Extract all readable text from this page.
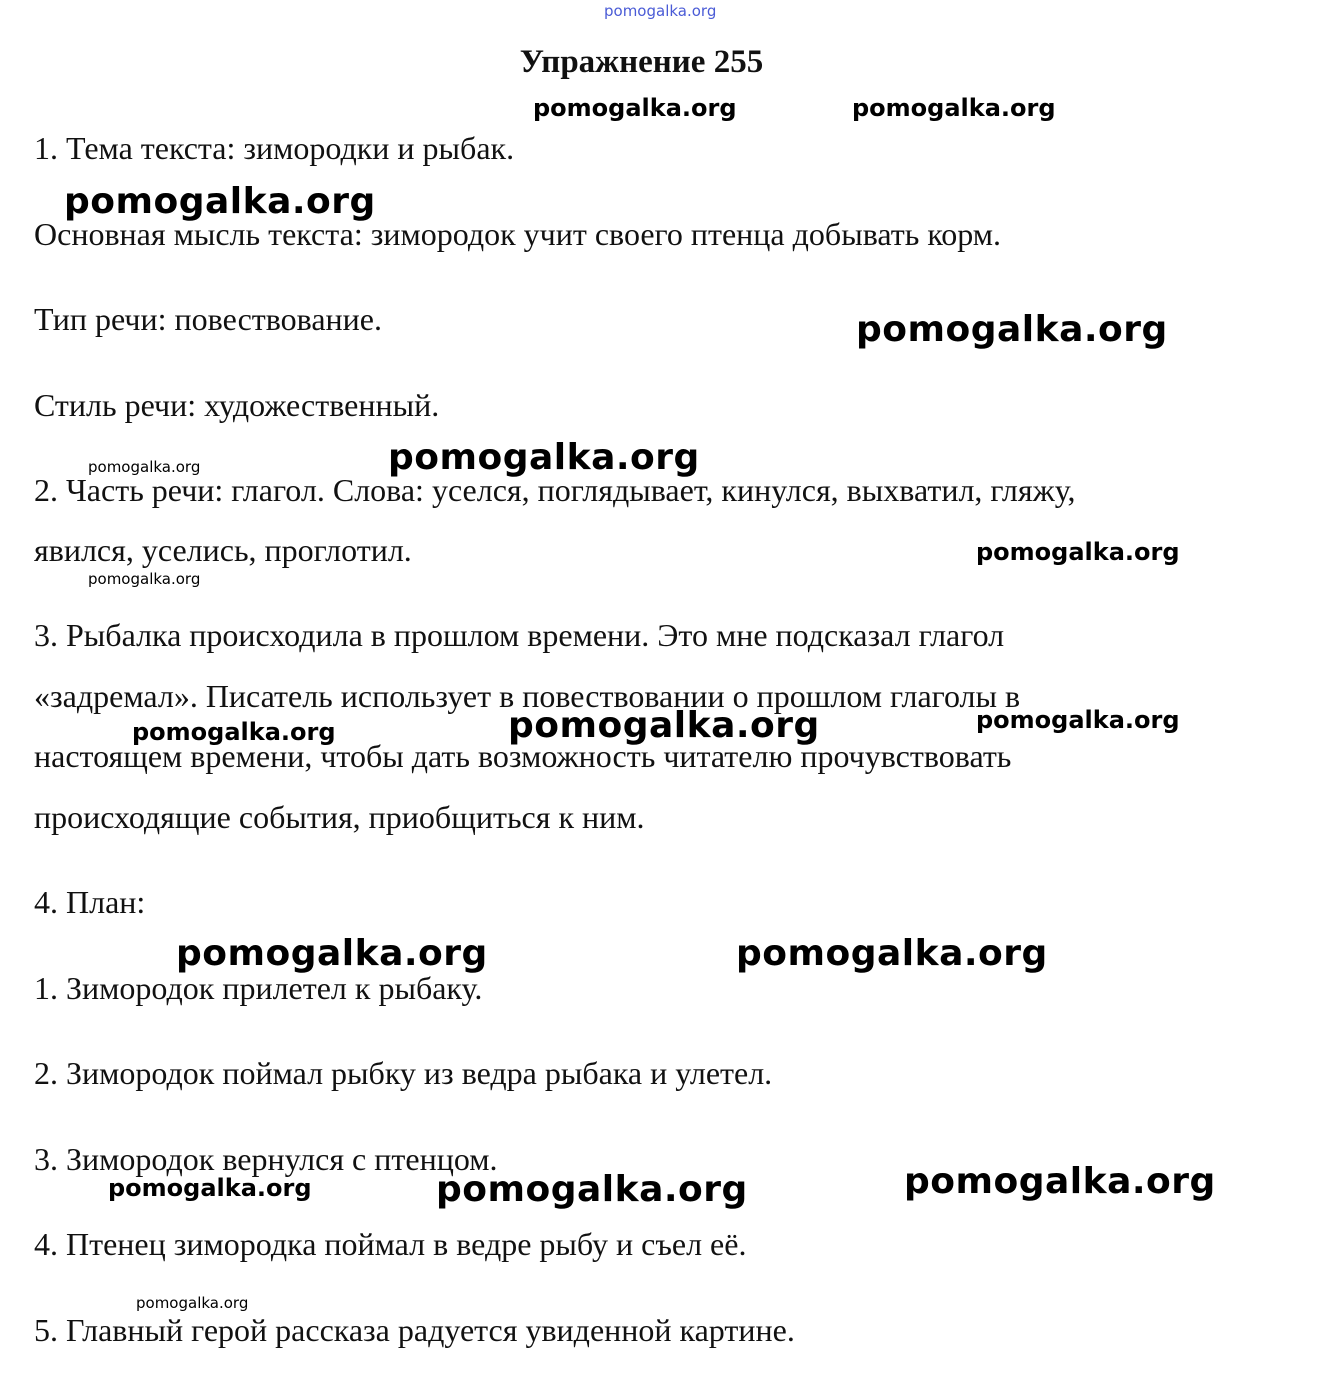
pomogalka.org
Упражнение 255

1. Тема текста: зимородки и рыбак.

Основная мысль текста: зимородок учит своего птенца добывать корм.

Тип речи: повествование.

Стиль речи: художественный.

2. Часть речи: глагол. Слова: уселся, поглядывает, кинулся, выхватил, гляжу,

явился, уселись, проглотил.

3. Рыбалка происходила в прошлом времени. Это мне подсказал глагол

«задремал». Писатель использует в повествовании о прошлом глаголы в

настоящем времени, чтобы дать возможность читателю прочувствовать

происходящие события, приобщиться к ним.

4. План:

1. Зимородок прилетел к рыбаку.

2. Зимородок поймал рыбку из ведра рыбака и улетел.

3. Зимородок вернулся с птенцом.

4. Птенец зимородка поймал в ведре рыбу и съел её.

5. Главный герой рассказа радуется увиденной картине.

pomogalka.org	pomogalka.org
pomogalka.org
pomogalka.org
pomogalka.org
pomogalka.org
pomogalka.org
pomogalka.org
pomogalka.org	pomogalka.org
pomogalka.org
pomogalka.org	pomogalka.org
pomogalka.org
pomogalka.org	pomogalka.org
pomogalka.org
